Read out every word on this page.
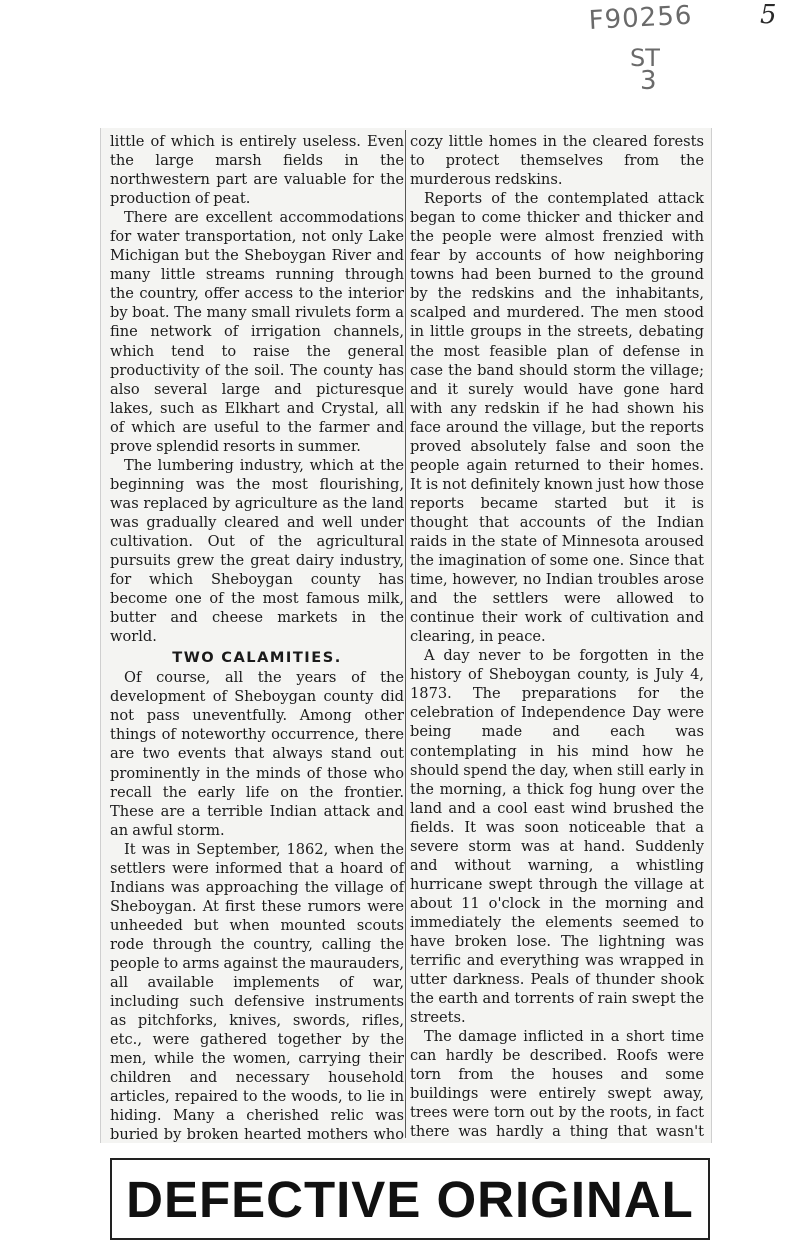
F90256
ST
3
5

little of which is entirely useless. Even the large marsh fields in the northwestern part are valuable for the production of peat.

There are excellent accommodations for water transportation, not only Lake Michigan but the Sheboygan River and many little streams running through the country, offer access to the interior by boat. The many small rivulets form a fine network of irrigation channels, which tend to raise the general productivity of the soil. The county has also several large and picturesque lakes, such as Elkhart and Crystal, all of which are useful to the farmer and prove splendid resorts in summer.

The lumbering industry, which at the beginning was the most flourishing, was replaced by agriculture as the land was gradually cleared and well under cultivation. Out of the agricultural pursuits grew the great dairy industry, for which Sheboygan county has become one of the most famous milk, butter and cheese markets in the world.

TWO CALAMITIES.

Of course, all the years of the development of Sheboygan county did not pass uneventfully. Among other things of noteworthy occurrence, there are two events that always stand out prominently in the minds of those who recall the early life on the frontier. These are a terrible Indian attack and an awful storm.

It was in September, 1862, when the settlers were informed that a hoard of Indians was approaching the village of Sheboygan. At first these rumors were unheeded but when mounted scouts rode through the country, calling the people to arms against the maurauders, all available implements of war, including such defensive instruments as pitchforks, knives, swords, rifles, etc., were gathered together by the men, while the women, carrying their children and necessary household articles, repaired to the woods, to lie in hiding. Many a cherished relic was buried by broken hearted mothers who

cozy little homes in the cleared forests to protect themselves from the murderous redskins.

Reports of the contemplated attack began to come thicker and thicker and the people were almost frenzied with fear by accounts of how neighboring towns had been burned to the ground by the redskins and the inhabitants, scalped and murdered. The men stood in little groups in the streets, debating the most feasible plan of defense in case the band should storm the village; and it surely would have gone hard with any redskin if he had shown his face around the village, but the reports proved absolutely false and soon the people again returned to their homes. It is not definitely known just how those reports became started but it is thought that accounts of the Indian raids in the state of Minnesota aroused the imagination of some one. Since that time, however, no Indian troubles arose and the settlers were allowed to continue their work of cultivation and clearing, in peace.

A day never to be forgotten in the history of Sheboygan county, is July 4, 1873. The preparations for the celebration of Independence Day were being made and each was contemplating in his mind how he should spend the day, when still early in the morning, a thick fog hung over the land and a cool east wind brushed the fields. It was soon noticeable that a severe storm was at hand. Suddenly and without warning, a whistling hurricane swept through the village at about 11 o'clock in the morning and immediately the elements seemed to have broken lose. The lightning was terrific and everything was wrapped in utter darkness. Peals of thunder shook the earth and torrents of rain swept the streets.

The damage inflicted in a short time can hardly be described. Roofs were torn from the houses and some buildings were entirely swept away, trees were torn out by the roots, in fact there was hardly a thing that wasn't

DEFECTIVE ORIGINAL
